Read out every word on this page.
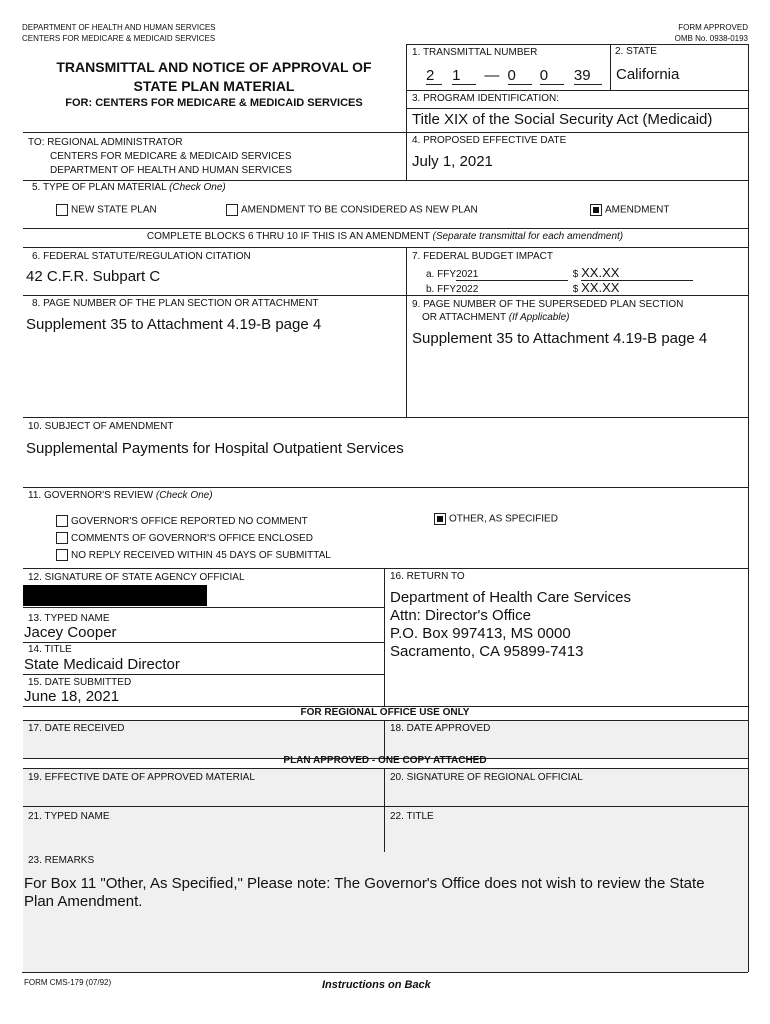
DEPARTMENT OF HEALTH AND HUMAN SERVICES
CENTERS FOR MEDICARE & MEDICAID SERVICES
FORM APPROVED
OMB No. 0938-0193
TRANSMITTAL AND NOTICE OF APPROVAL OF
STATE PLAN MATERIAL
FOR: CENTERS FOR MEDICARE & MEDICAID SERVICES
1. TRANSMITTAL NUMBER
2 1 — 0 0 39
2. STATE
California
3. PROGRAM IDENTIFICATION:
Title XIX of the Social Security Act (Medicaid)
TO: REGIONAL ADMINISTRATOR
CENTERS FOR MEDICARE & MEDICAID SERVICES
DEPARTMENT OF HEALTH AND HUMAN SERVICES
4. PROPOSED EFFECTIVE DATE
July 1, 2021
5. TYPE OF PLAN MATERIAL (Check One)
NEW STATE PLAN	AMENDMENT TO BE CONSIDERED AS NEW PLAN	AMENDMENT
COMPLETE BLOCKS 6 THRU 10 IF THIS IS AN AMENDMENT (Separate transmittal for each amendment)
6. FEDERAL STATUTE/REGULATION CITATION
42 C.F.R. Subpart C
7. FEDERAL BUDGET IMPACT
a. FFY2021	$ XX.XX
b. FFY2022	$ XX.XX
8. PAGE NUMBER OF THE PLAN SECTION OR ATTACHMENT
Supplement 35 to Attachment 4.19-B page 4
9. PAGE NUMBER OF THE SUPERSEDED PLAN SECTION
OR ATTACHMENT (If Applicable)
Supplement 35 to Attachment 4.19-B page 4
10. SUBJECT OF AMENDMENT
Supplemental Payments for Hospital Outpatient Services
11. GOVERNOR'S REVIEW (Check One)
GOVERNOR'S OFFICE REPORTED NO COMMENT
COMMENTS OF GOVERNOR'S OFFICE ENCLOSED
NO REPLY RECEIVED WITHIN 45 DAYS OF SUBMITTAL
OTHER, AS SPECIFIED
12. SIGNATURE OF STATE AGENCY OFFICIAL
13. TYPED NAME
Jacey Cooper
14. TITLE
State Medicaid Director
15. DATE SUBMITTED
June 18, 2021
16. RETURN TO
Department of Health Care Services
Attn: Director's Office
P.O. Box 997413, MS 0000
Sacramento, CA 95899-7413
FOR REGIONAL OFFICE USE ONLY
17. DATE RECEIVED	18. DATE APPROVED
PLAN APPROVED - ONE COPY ATTACHED
19. EFFECTIVE DATE OF APPROVED MATERIAL	20. SIGNATURE OF REGIONAL OFFICIAL
21. TYPED NAME	22. TITLE
23. REMARKS
For Box 11 "Other, As Specified," Please note: The Governor's Office does not wish to review the State Plan Amendment.
FORM CMS-179 (07/92)	Instructions on Back
